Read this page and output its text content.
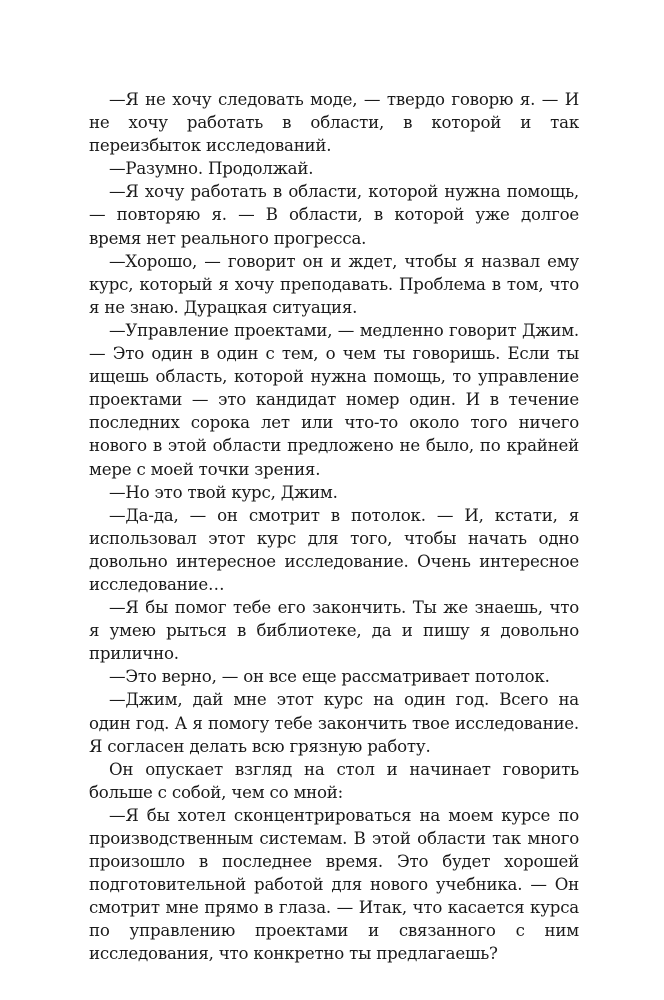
—Я не хочу следовать моде, — твердо говорю я. — И не хочу работать в области, в которой и так переизбыток исследований.

—Разумно. Продолжай.

—Я хочу работать в области, которой нужна помощь, — повторяю я. — В области, в которой уже долгое время нет реального прогресса.

—Хорошо, — говорит он и ждет, чтобы я назвал ему курс, который я хочу преподавать. Проблема в том, что я не знаю. Дурацкая ситуация.

—Управление проектами, — медленно говорит Джим. — Это один в один с тем, о чем ты говоришь. Если ты ищешь область, которой нужна помощь, то управление проектами — это кандидат номер один. И в течение последних сорока лет или что-то около того ничего нового в этой области предложено не было, по крайней мере с моей точки зрения.

—Но это твой курс, Джим.

—Да-да, — он смотрит в потолок. — И, кстати, я использовал этот курс для того, чтобы начать одно довольно интересное исследование. Очень интересное исследование…

—Я бы помог тебе его закончить. Ты же знаешь, что я умею рыться в библиотеке, да и пишу я довольно прилично.

—Это верно, — он все еще рассматривает потолок.

—Джим, дай мне этот курс на один год. Всего на один год. А я помогу тебе закончить твое исследование. Я согласен делать всю грязную работу.

Он опускает взгляд на стол и начинает говорить больше с собой, чем со мной:

—Я бы хотел сконцентрироваться на моем курсе по производственным системам. В этой области так много произошло в последнее время. Это будет хорошей подготовительной работой для нового учебника. — Он смотрит мне прямо в глаза. — Итак, что касается курса по управлению проектами и связанного с ним исследования, что конкретно ты предлагаешь?
